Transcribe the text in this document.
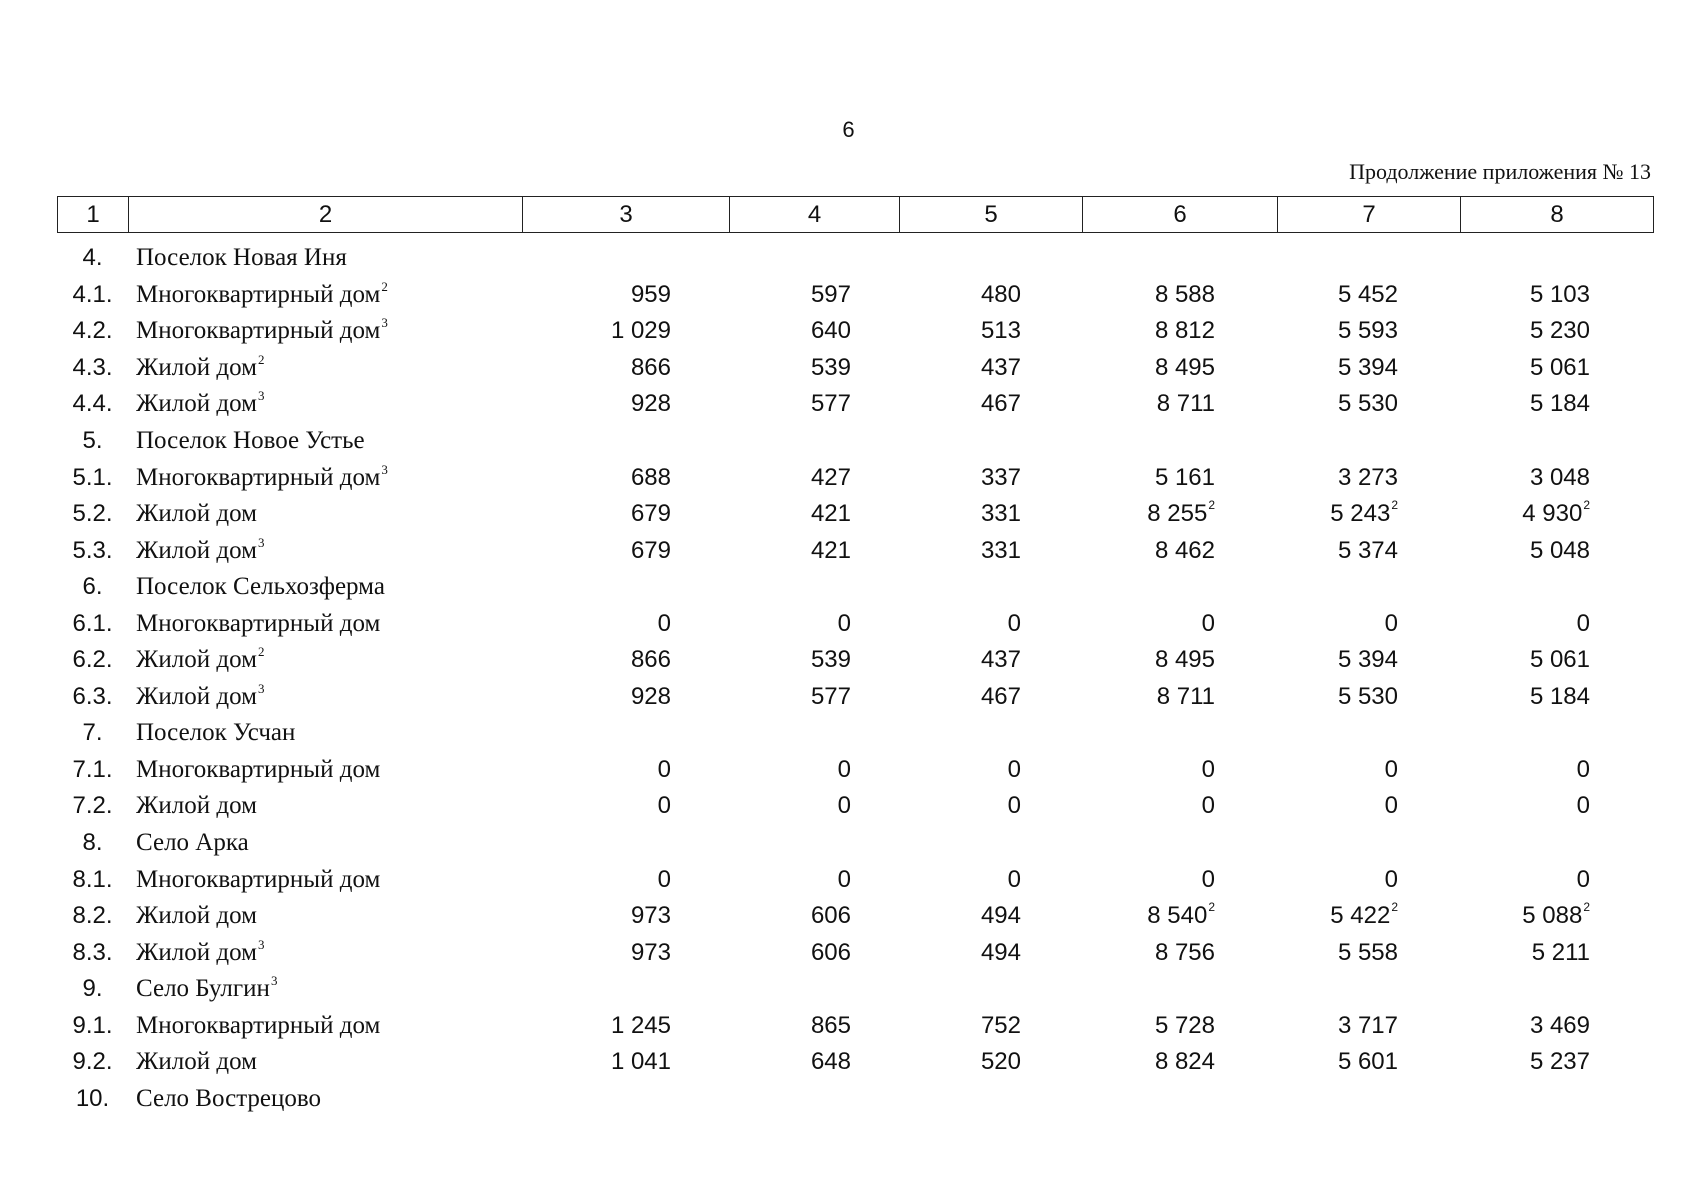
6
Продолжение приложения № 13
1	2	3	4	5	6	7	8
4.	Поселок Новая Иня
4.1. Многоквартирный дом$^2$	959	597	480	8 588	5 452	5 103
4.2. Многоквартирный дом$^3$	1 029	640	513	8 812	5 593	5 230
4.3. Жилой дом$^2$	866	539	437	8 495	5 394	5 061
4.4. Жилой дом$^3$	928	577	467	8 711	5 530	5 184
5.	Поселок Новое Устье
5.1. Многоквартирный дом$^3$	688	427	337	5 161	3 273	3 048
5.2. Жилой дом	679	421	331	8 $255^2$	5 $243^2$	4 $930^2$
5.3. Жилой дом$^3$	679	421	331	8 462	5 374	5 048
6.	Поселок Сельхозферма
6.1. Многоквартирный дом	0	0	0	0	0	0
6.2. Жилой дом$^2$	866	539	437	8 495	5 394	5 061
6.3. Жилой дом$^3$	928	577	467	8 711	5 530	5 184
7.	Поселок Усчан
7.1. Многоквартирный дом	0	0	0	0	0	0
7.2. Жилой дом	0	0	0	0	0	0
8.	Село Арка
8.1. Многоквартирный дом	0	0	0	0	0	0
8.2. Жилой дом	973	606	494	8 $540^2$	5 $422^2$	5 $088^2$
8.3. Жилой дом$^3$	973	606	494	8 756	5 558	5 211
9.	Село Булгин$^3$
9.1. Многоквартирный дом	1 245	865	752	5 728	3 717	3 469
9.2. Жилой дом	1 041	648	520	8 824	5 601	5 237
10.	Село Вострецово
